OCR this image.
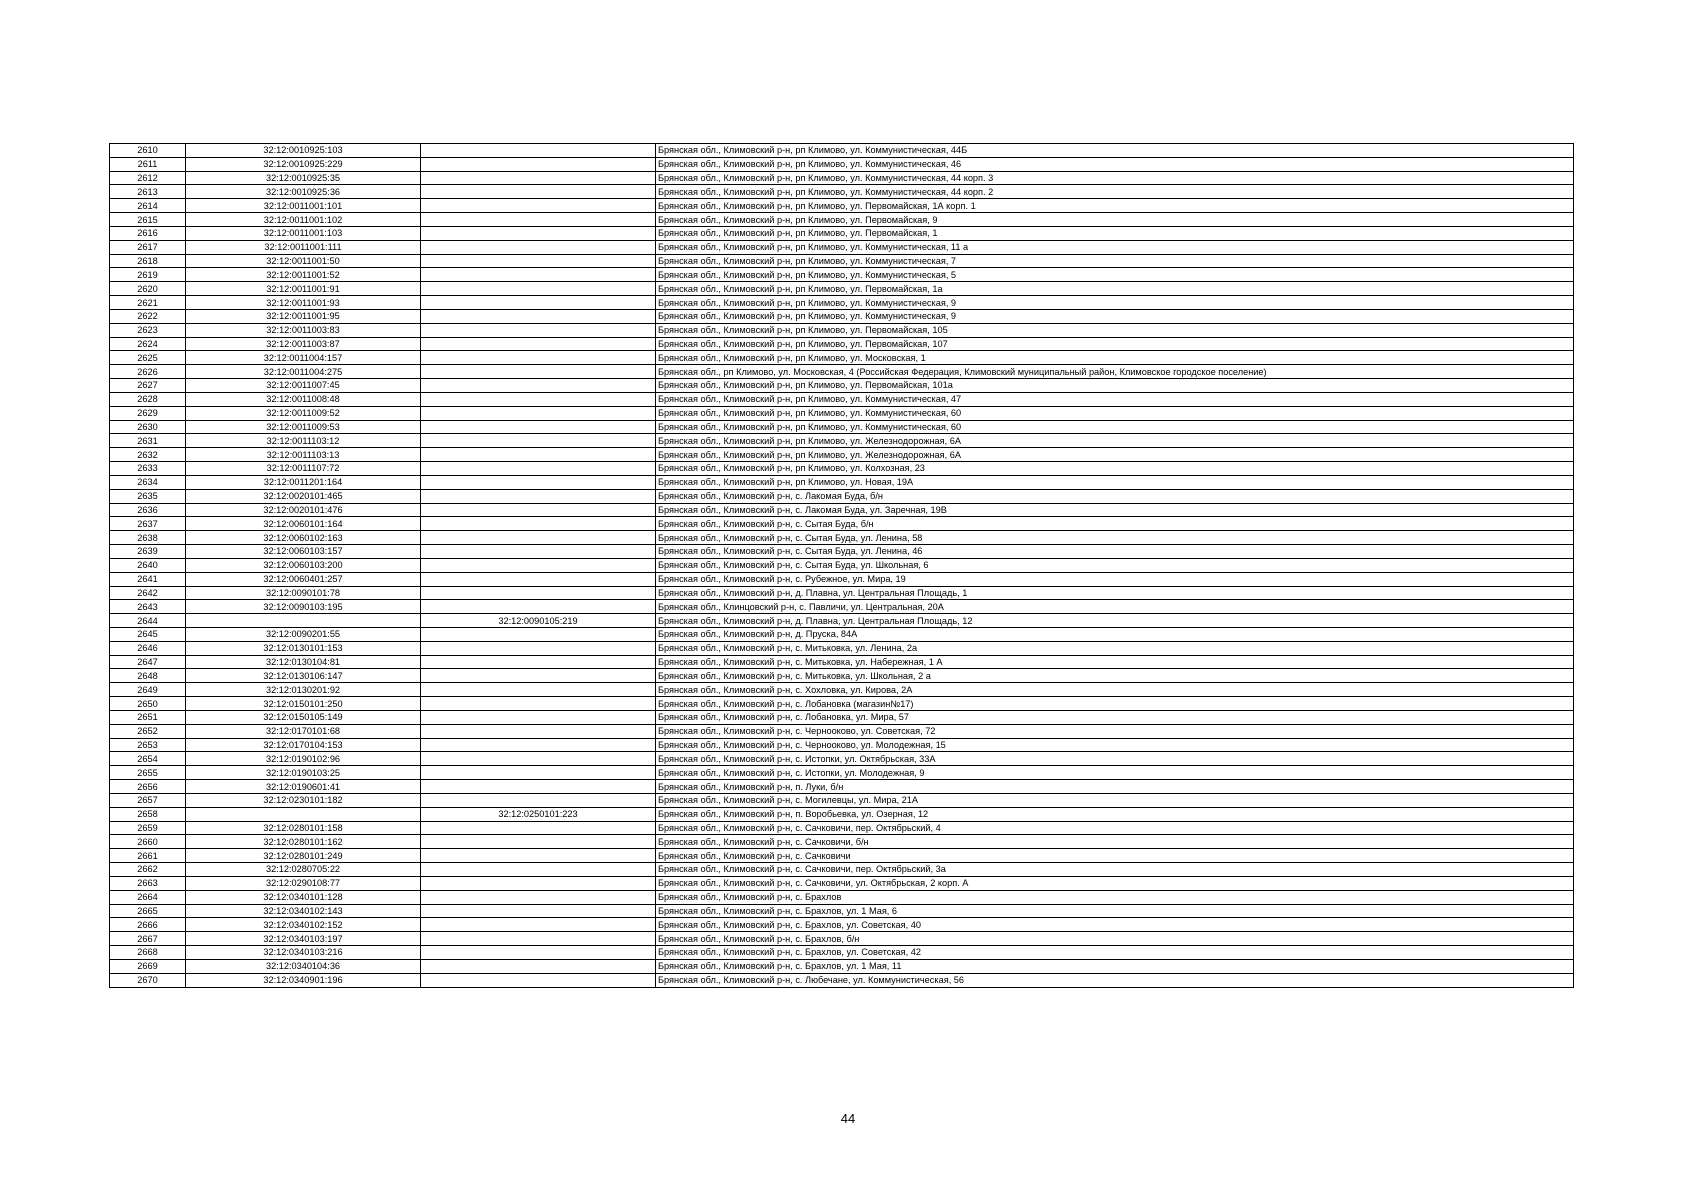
2610	32:12:0010925:103		Брянская обл., Климовский р-н, рп Климово, ул. Коммунистическая, 44Б
2611	32:12:0010925:229		Брянская обл., Климовский р-н, рп Климово, ул. Коммунистическая, 46
2612	32:12:0010925:35		Брянская обл., Климовский р-н, рп Климово, ул. Коммунистическая, 44 корп. 3
2613	32:12:0010925:36		Брянская обл., Климовский р-н, рп Климово, ул. Коммунистическая, 44 корп. 2
2614	32:12:0011001:101		Брянская обл., Климовский р-н, рп Климово, ул. Первомайская, 1А корп. 1
2615	32:12:0011001:102		Брянская обл., Климовский р-н, рп Климово, ул. Первомайская, 9
2616	32:12:0011001:103		Брянская обл., Климовский р-н, рп Климово, ул. Первомайская, 1
2617	32:12:0011001:111		Брянская обл., Климовский р-н, рп Климово, ул. Коммунистическая, 11 а
2618	32:12:0011001:50		Брянская обл., Климовский р-н, рп Климово, ул. Коммунистическая, 7
2619	32:12:0011001:52		Брянская обл., Климовский р-н, рп Климово, ул. Коммунистическая, 5
2620	32:12:0011001:91		Брянская обл., Климовский р-н, рп Климово, ул. Первомайская, 1а
2621	32:12:0011001:93		Брянская обл., Климовский р-н, рп Климово, ул. Коммунистическая, 9
2622	32:12:0011001:95		Брянская обл., Климовский р-н, рп Климово, ул. Коммунистическая, 9
2623	32:12:0011003:83		Брянская обл., Климовский р-н, рп Климово, ул. Первомайская, 105
2624	32:12:0011003:87		Брянская обл., Климовский р-н, рп Климово, ул. Первомайская, 107
2625	32:12:0011004:157		Брянская обл., Климовский р-н, рп Климово, ул. Московская, 1
2626	32:12:0011004:275		Брянская обл., рп Климово, ул. Московская, 4 (Российская Федерация, Климовский муниципальный район, Климовское городское поселение)
2627	32:12:0011007:45		Брянская обл., Климовский р-н, рп Климово, ул. Первомайская, 101а
2628	32:12:0011008:48		Брянская обл., Климовский р-н, рп Климово, ул. Коммунистическая, 47
2629	32:12:0011009:52		Брянская обл., Климовский р-н, рп Климово, ул. Коммунистическая, 60
2630	32:12:0011009:53		Брянская обл., Климовский р-н, рп Климово, ул. Коммунистическая, 60
2631	32:12:0011103:12		Брянская обл., Климовский р-н, рп Климово, ул. Железнодорожная, 6А
2632	32:12:0011103:13		Брянская обл., Климовский р-н, рп Климово, ул. Железнодорожная, 6А
2633	32:12:0011107:72		Брянская обл., Климовский р-н, рп Климово, ул. Колхозная, 23
2634	32:12:0011201:164		Брянская обл., Климовский р-н, рп Климово, ул. Новая, 19А
2635	32:12:0020101:465		Брянская обл., Климовский р-н, с. Лакомая Буда, б/н
2636	32:12:0020101:476		Брянская обл., Климовский р-н, с. Лакомая Буда, ул. Заречная, 19В
2637	32:12:0060101:164		Брянская обл., Климовский р-н, с. Сытая Буда, б/н
2638	32:12:0060102:163		Брянская обл., Климовский р-н, с. Сытая Буда, ул. Ленина, 58
2639	32:12:0060103:157		Брянская обл., Климовский р-н, с. Сытая Буда, ул. Ленина, 46
2640	32:12:0060103:200		Брянская обл., Климовский р-н, с. Сытая Буда, ул. Школьная, 6
2641	32:12:0060401:257		Брянская обл., Климовский р-н, с. Рубежное, ул. Мира, 19
2642	32:12:0090101:78		Брянская обл., Климовский р-н, д. Плавна, ул. Центральная Площадь, 1
2643	32:12:0090103:195		Брянская обл., Клинцовский р-н, с. Павличи, ул. Центральная, 20А
2644		32:12:0090105:219	Брянская обл., Климовский р-н, д. Плавна, ул. Центральная Площадь, 12
2645	32:12:0090201:55		Брянская обл., Климовский р-н, д. Пруска, 84А
2646	32:12:0130101:153		Брянская обл., Климовский р-н, с. Митьковка, ул. Ленина, 2а
2647	32:12:0130104:81		Брянская обл., Климовский р-н, с. Митьковка, ул. Набережная, 1 А
2648	32:12:0130106:147		Брянская обл., Климовский р-н, с. Митьковка, ул. Школьная, 2 а
2649	32:12:0130201:92		Брянская обл., Климовский р-н, с. Хохловка, ул. Кирова, 2А
2650	32:12:0150101:250		Брянская обл., Климовский р-н, с. Лобановка (магазин№17)
2651	32:12:0150105:149		Брянская обл., Климовский р-н, с. Лобановка, ул. Мира, 57
2652	32:12:0170101:68		Брянская обл., Климовский р-н, с. Чернооково, ул. Советская, 72
2653	32:12:0170104:153		Брянская обл., Климовский р-н, с. Чернооково, ул. Молодежная, 15
2654	32:12:0190102:96		Брянская обл., Климовский р-н, с. Истопки, ул. Октябрьская, 33А
2655	32:12:0190103:25		Брянская обл., Климовский р-н, с. Истопки, ул. Молодежная, 9
2656	32:12:0190601:41		Брянская обл., Климовский р-н, п. Луки, б/н
2657	32:12:0230101:182		Брянская обл., Климовский р-н, с. Могилевцы, ул. Мира, 21А
2658		32:12:0250101:223	Брянская обл., Климовский р-н, п. Воробьевка, ул. Озерная, 12
2659	32:12:0280101:158		Брянская обл., Климовский р-н, с. Сачковичи, пер. Октябрьский, 4
2660	32:12:0280101:162		Брянская обл., Климовский р-н, с. Сачковичи, б/н
2661	32:12:0280101:249		Брянская обл., Климовский р-н, с. Сачковичи
2662	32:12:0280705:22		Брянская обл., Климовский р-н, с. Сачковичи, пер. Октябрьский, 3а
2663	32:12:0290108:77		Брянская обл., Климовский р-н, с. Сачковичи, ул. Октябрьская, 2 корп. А
2664	32:12:0340101:128		Брянская обл., Климовский р-н, с. Брахлов
2665	32:12:0340102:143		Брянская обл., Климовский р-н, с. Брахлов, ул. 1 Мая, 6
2666	32:12:0340102:152		Брянская обл., Климовский р-н, с. Брахлов, ул. Советская, 40
2667	32:12:0340103:197		Брянская обл., Климовский р-н, с. Брахлов, б/н
2668	32:12:0340103:216		Брянская обл., Климовский р-н, с. Брахлов, ул. Советская, 42
2669	32:12:0340104:36		Брянская обл., Климовский р-н, с. Брахлов, ул. 1 Мая, 11
2670	32:12:0340901:196		Брянская обл., Климовский р-н, с. Любечане, ул. Коммунистическая, 56
44
